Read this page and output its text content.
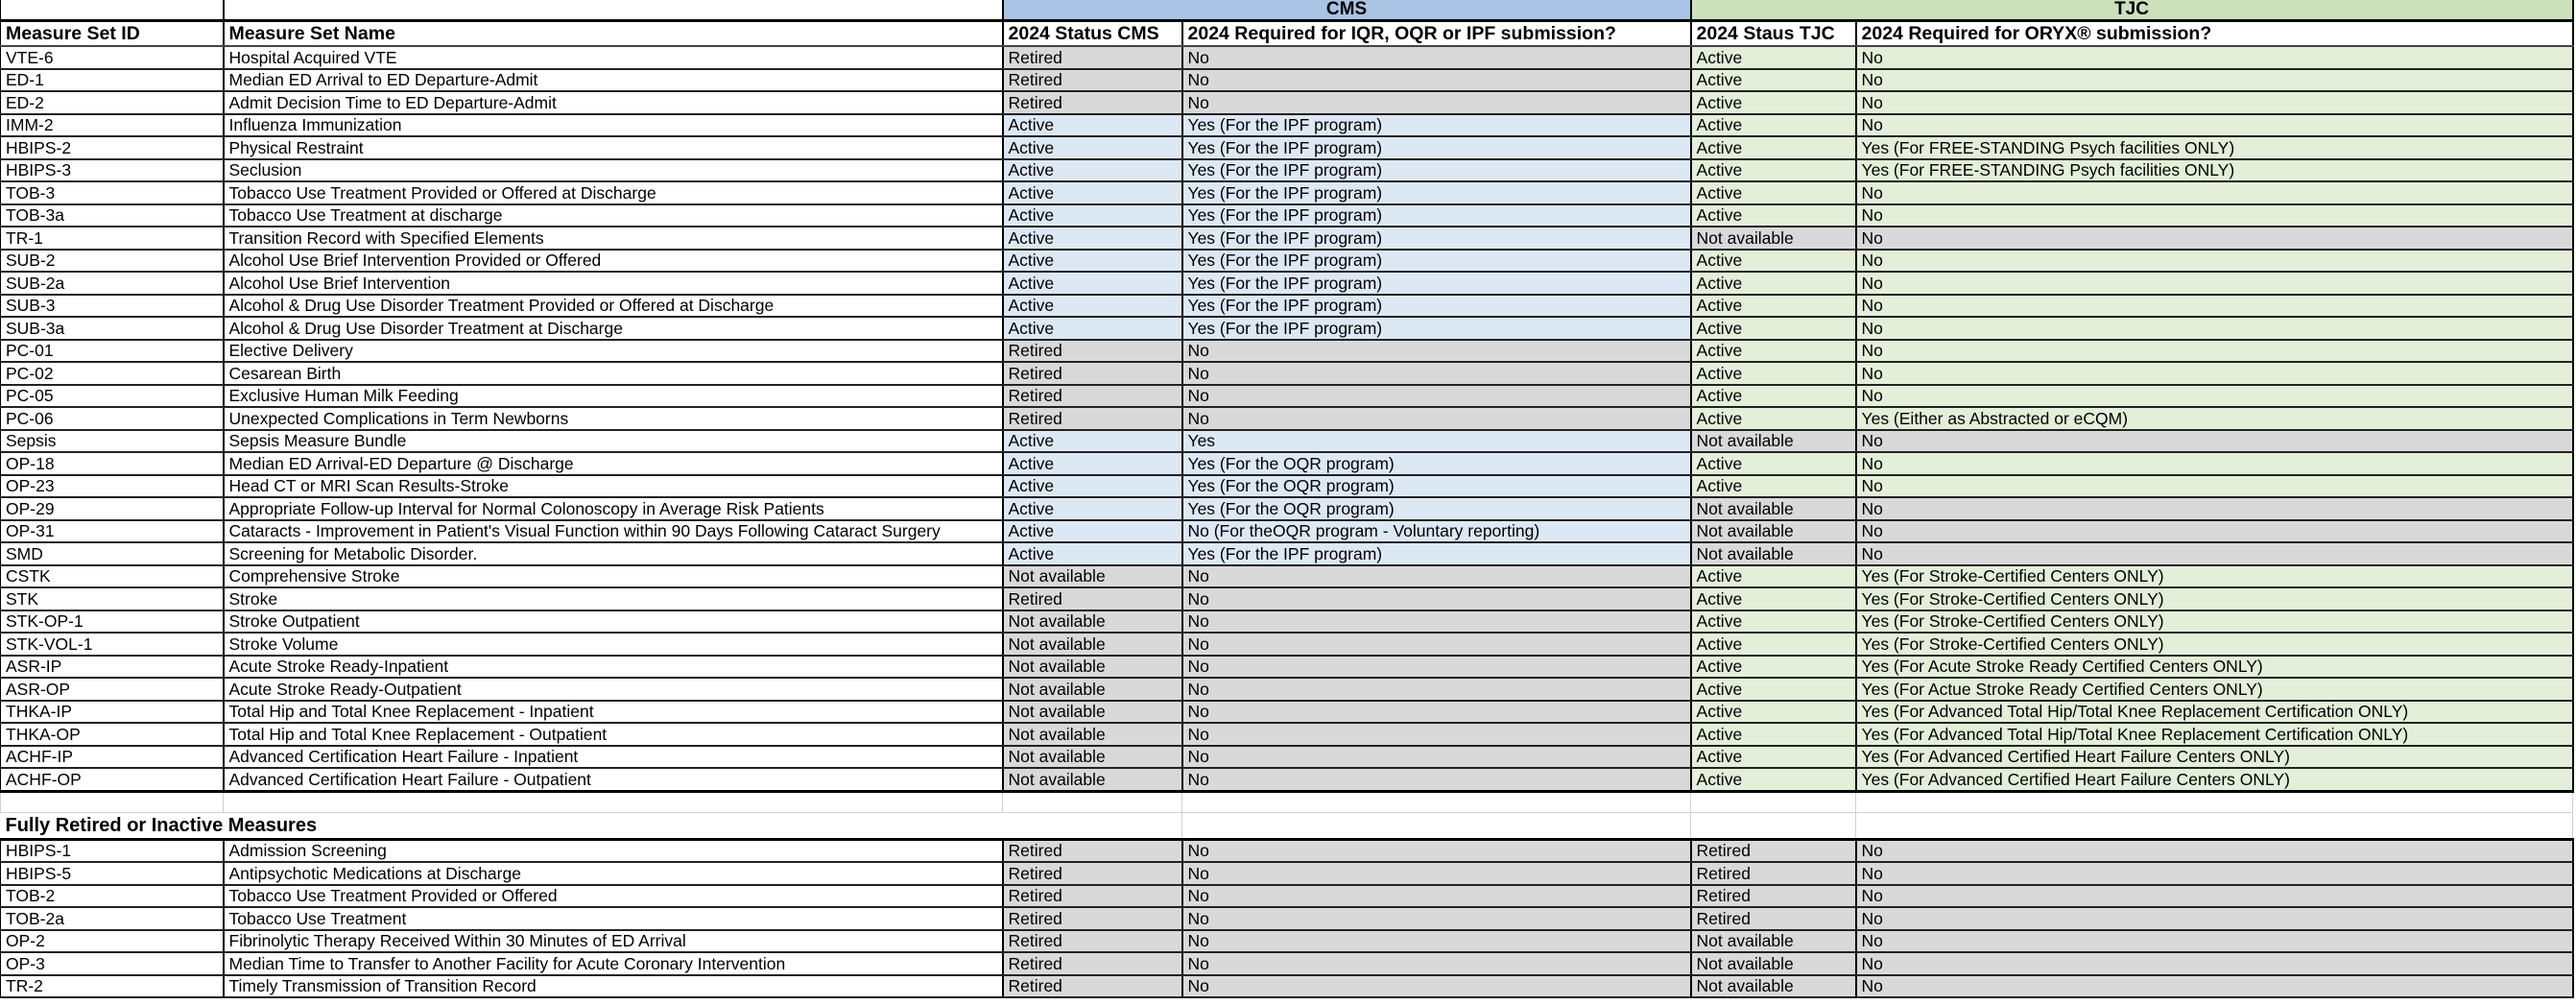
		CMS		TJC	
Measure Set ID	Measure Set Name	2024 Status CMS	2024 Required for IQR, OQR or IPF submission?	2024 Staus TJC	2024 Required for ORYX® submission?
VTE-6	Hospital Acquired VTE	Retired	No	Active	No
ED-1	Median ED Arrival to ED Departure-Admit	Retired	No	Active	No
ED-2	Admit Decision Time to ED Departure-Admit	Retired	No	Active	No
IMM-2	Influenza Immunization	Active	Yes (For the IPF program)	Active	No
HBIPS-2	Physical Restraint	Active	Yes (For the IPF program)	Active	Yes (For FREE-STANDING Psych facilities ONLY)
HBIPS-3	Seclusion	Active	Yes (For the IPF program)	Active	Yes (For FREE-STANDING Psych facilities ONLY)
TOB-3	Tobacco Use Treatment Provided or Offered at Discharge	Active	Yes (For the IPF program)	Active	No
TOB-3a	Tobacco Use Treatment at discharge	Active	Yes (For the IPF program)	Active	No
TR-1	Transition Record with Specified Elements	Active	Yes (For the IPF program)	Not available	No
SUB-2	Alcohol Use Brief Intervention Provided or Offered	Active	Yes (For the IPF program)	Active	No
SUB-2a	Alcohol Use Brief Intervention	Active	Yes (For the IPF program)	Active	No
SUB-3	Alcohol & Drug Use Disorder Treatment Provided or Offered at Discharge	Active	Yes (For the IPF program)	Active	No
SUB-3a	Alcohol & Drug Use Disorder Treatment at Discharge	Active	Yes (For the IPF program)	Active	No
PC-01	Elective Delivery	Retired	No	Active	No
PC-02	Cesarean Birth	Retired	No	Active	No
PC-05	Exclusive Human Milk Feeding	Retired	No	Active	No
PC-06	Unexpected Complications in Term Newborns	Retired	No	Active	Yes (Either as Abstracted or eCQM)
Sepsis	Sepsis Measure Bundle	Active	Yes	Not available	No
OP-18	Median ED Arrival-ED Departure @ Discharge	Active	Yes (For the OQR program)	Active	No
OP-23	Head CT or MRI Scan Results-Stroke	Active	Yes (For the OQR program)	Active	No
OP-29	Appropriate Follow-up Interval for Normal Colonoscopy in Average Risk Patients	Active	Yes (For the OQR program)	Not available	No
OP-31	Cataracts - Improvement in Patient's Visual Function within 90 Days Following Cataract Surgery	Active	No (For theOQR program - Voluntary reporting)	Not available	No
SMD	Screening for Metabolic Disorder.	Active	Yes (For the IPF program)	Not available	No
CSTK	Comprehensive Stroke	Not available	No	Active	Yes (For Stroke-Certified Centers ONLY)
STK	Stroke	Retired	No	Active	Yes (For Stroke-Certified Centers ONLY)
STK-OP-1	Stroke Outpatient	Not available	No	Active	Yes (For Stroke-Certified Centers ONLY)
STK-VOL-1	Stroke Volume	Not available	No	Active	Yes (For Stroke-Certified Centers ONLY)
ASR-IP	Acute Stroke Ready-Inpatient	Not available	No	Active	Yes (For Acute Stroke Ready Certified Centers ONLY)
ASR-OP	Acute Stroke Ready-Outpatient	Not available	No	Active	Yes (For Actue Stroke Ready Certified Centers ONLY)
THKA-IP	Total Hip and Total Knee Replacement - Inpatient	Not available	No	Active	Yes (For Advanced Total Hip/Total Knee Replacement Certification ONLY)
THKA-OP	Total Hip and Total Knee Replacement - Outpatient	Not available	No	Active	Yes (For Advanced Total Hip/Total Knee Replacement Certification ONLY)
ACHF-IP	Advanced Certification Heart Failure - Inpatient	Not available	No	Active	Yes (For Advanced Certified Heart Failure Centers ONLY)
ACHF-OP	Advanced Certification Heart Failure - Outpatient	Not available	No	Active	Yes (For Advanced Certified Heart Failure Centers ONLY)

Fully Retired or Inactive Measures					
HBIPS-1	Admission Screening	Retired	No	Retired	No
HBIPS-5	Antipsychotic Medications at Discharge	Retired	No	Retired	No
TOB-2	Tobacco Use Treatment Provided or Offered	Retired	No	Retired	No
TOB-2a	Tobacco Use Treatment	Retired	No	Retired	No
OP-2	Fibrinolytic Therapy Received Within 30 Minutes of ED Arrival	Retired	No	Not available	No
OP-3	Median Time to Transfer to Another Facility for Acute Coronary Intervention	Retired	No	Not available	No
TR-2	Timely Transmission of Transition Record	Retired	No	Not available	No
